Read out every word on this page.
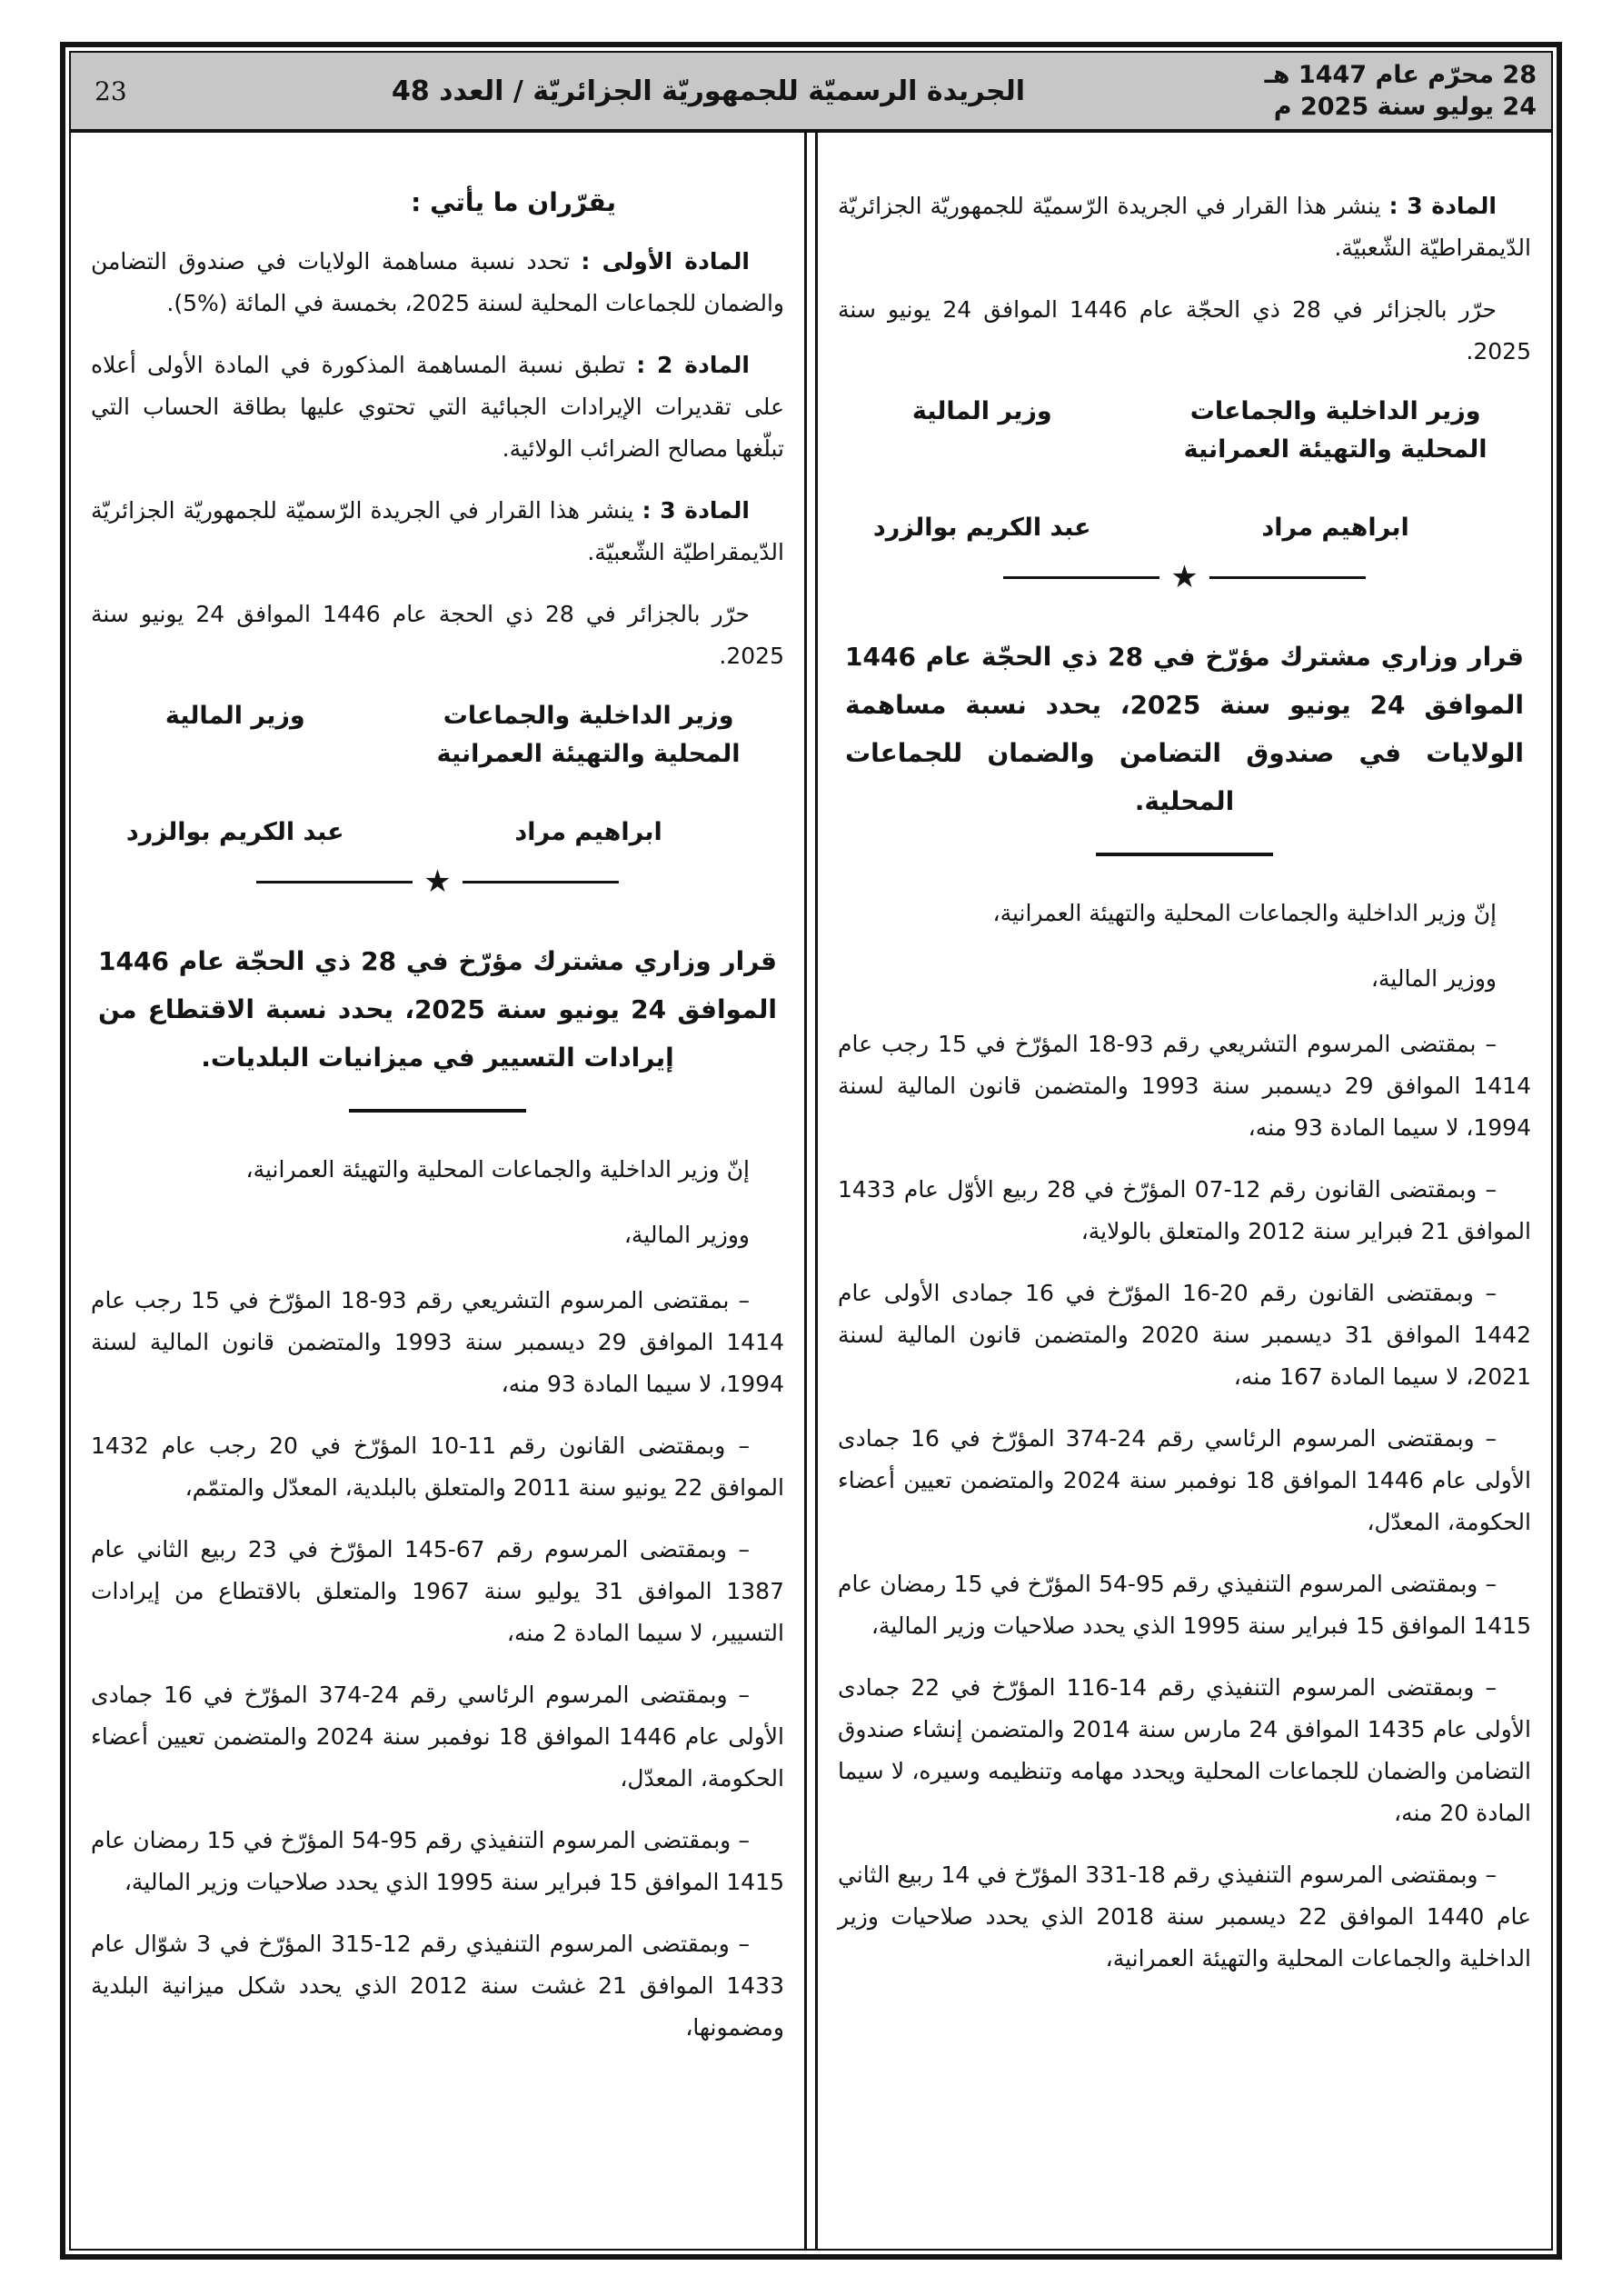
28 محرّم عام 1447 هـ
24 يوليو سنة 2025 م
الجريدة الرسميّة للجمهوريّة الجزائريّة / العدد 48
23

المادة 3 : ينشر هذا القرار في الجريدة الرّسميّة للجمهوريّة الجزائريّة الدّيمقراطيّة الشّعبيّة.

حرّر بالجزائر في 28 ذي الحجّة عام 1446 الموافق 24 يونيو سنة 2025.

وزير الداخلية والجماعات المحلية والتهيئة العمرانية
ابراهيم مراد
وزير المالية
عبد الكريم بوالزرد
★
قرار وزاري مشترك مؤرّخ في 28 ذي الحجّة عام 1446 الموافق 24 يونيو سنة 2025، يحدد نسبة مساهمة الولايات في صندوق التضامن والضمان للجماعات المحلية.

إنّ وزير الداخلية والجماعات المحلية والتهيئة العمرانية،

ووزير المالية،

– بمقتضى المرسوم التشريعي رقم 93-18 المؤرّخ في 15 رجب عام 1414 الموافق 29 ديسمبر سنة 1993 والمتضمن قانون المالية لسنة 1994، لا سيما المادة 93 منه،

– وبمقتضى القانون رقم 12-07 المؤرّخ في 28 ربيع الأوّل عام 1433 الموافق 21 فبراير سنة 2012 والمتعلق بالولاية،

– وبمقتضى القانون رقم 20-16 المؤرّخ في 16 جمادى الأولى عام 1442 الموافق 31 ديسمبر سنة 2020 والمتضمن قانون المالية لسنة 2021، لا سيما المادة 167 منه،

– وبمقتضى المرسوم الرئاسي رقم 24-374 المؤرّخ في 16 جمادى الأولى عام 1446 الموافق 18 نوفمبر سنة 2024 والمتضمن تعيين أعضاء الحكومة، المعدّل،

– وبمقتضى المرسوم التنفيذي رقم 95-54 المؤرّخ في 15 رمضان عام 1415 الموافق 15 فبراير سنة 1995 الذي يحدد صلاحيات وزير المالية،

– وبمقتضى المرسوم التنفيذي رقم 14-116 المؤرّخ في 22 جمادى الأولى عام 1435 الموافق 24 مارس سنة 2014 والمتضمن إنشاء صندوق التضامن والضمان للجماعات المحلية ويحدد مهامه وتنظيمه وسيره، لا سيما المادة 20 منه،

– وبمقتضى المرسوم التنفيذي رقم 18-331 المؤرّخ في 14 ربيع الثاني عام 1440 الموافق 22 ديسمبر سنة 2018 الذي يحدد صلاحيات وزير الداخلية والجماعات المحلية والتهيئة العمرانية،

يقرّران ما يأتي :

المادة الأولى : تحدد نسبة مساهمة الولايات في صندوق التضامن والضمان للجماعات المحلية لسنة 2025، بخمسة في المائة (%5).

المادة 2 : تطبق نسبة المساهمة المذكورة في المادة الأولى أعلاه على تقديرات الإيرادات الجبائية التي تحتوي عليها بطاقة الحساب التي تبلّغها مصالح الضرائب الولائية.

المادة 3 : ينشر هذا القرار في الجريدة الرّسميّة للجمهوريّة الجزائريّة الدّيمقراطيّة الشّعبيّة.

حرّر بالجزائر في 28 ذي الحجة عام 1446 الموافق 24 يونيو سنة 2025.

وزير الداخلية والجماعات المحلية والتهيئة العمرانية
ابراهيم مراد
وزير المالية
عبد الكريم بوالزرد
★
قرار وزاري مشترك مؤرّخ في 28 ذي الحجّة عام 1446 الموافق 24 يونيو سنة 2025، يحدد نسبة الاقتطاع من إيرادات التسيير في ميزانيات البلديات.

إنّ وزير الداخلية والجماعات المحلية والتهيئة العمرانية،

ووزير المالية،

– بمقتضى المرسوم التشريعي رقم 93-18 المؤرّخ في 15 رجب عام 1414 الموافق 29 ديسمبر سنة 1993 والمتضمن قانون المالية لسنة 1994، لا سيما المادة 93 منه،

– وبمقتضى القانون رقم 11-10 المؤرّخ في 20 رجب عام 1432 الموافق 22 يونيو سنة 2011 والمتعلق بالبلدية، المعدّل والمتمّم،

– وبمقتضى المرسوم رقم 67-145 المؤرّخ في 23 ربيع الثاني عام 1387 الموافق 31 يوليو سنة 1967 والمتعلق بالاقتطاع من إيرادات التسيير، لا سيما المادة 2 منه،

– وبمقتضى المرسوم الرئاسي رقم 24-374 المؤرّخ في 16 جمادى الأولى عام 1446 الموافق 18 نوفمبر سنة 2024 والمتضمن تعيين أعضاء الحكومة، المعدّل،

– وبمقتضى المرسوم التنفيذي رقم 95-54 المؤرّخ في 15 رمضان عام 1415 الموافق 15 فبراير سنة 1995 الذي يحدد صلاحيات وزير المالية،

– وبمقتضى المرسوم التنفيذي رقم 12-315 المؤرّخ في 3 شوّال عام 1433 الموافق 21 غشت سنة 2012 الذي يحدد شكل ميزانية البلدية ومضمونها،
